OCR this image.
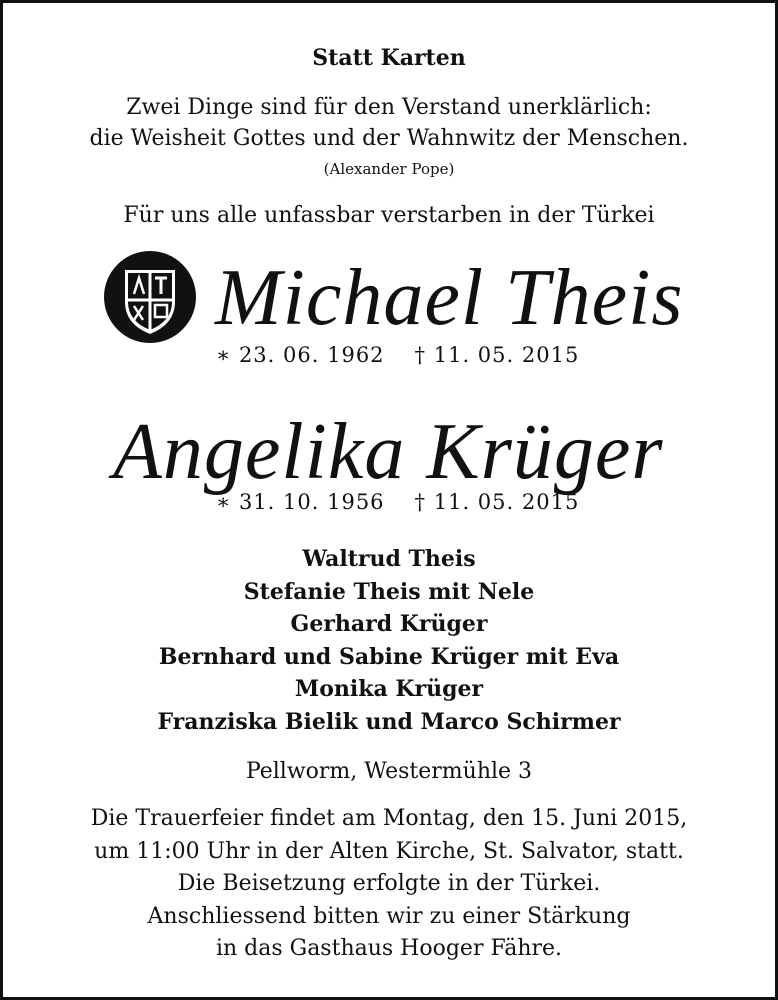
Statt Karten
Zwei Dinge sind für den Verstand unerklärlich:
die Weisheit Gottes und der Wahnwitz der Menschen.
(Alexander Pope)
Für uns alle unfassbar verstarben in der Türkei
Michael Theis
∗ 23. 06. 1962 † 11. 05. 2015
Angelika Krüger
∗ 31. 10. 1956 † 11. 05. 2015
Waltrud Theis
Stefanie Theis mit Nele
Gerhard Krüger
Bernhard und Sabine Krüger mit Eva
Monika Krüger
Franziska Bielik und Marco Schirmer
Pellworm, Westermühle 3
Die Trauerfeier findet am Montag, den 15. Juni 2015,
um 11:00 Uhr in der Alten Kirche, St. Salvator, statt.
Die Beisetzung erfolgte in der Türkei.
Anschliessend bitten wir zu einer Stärkung
in das Gasthaus Hooger Fähre.
